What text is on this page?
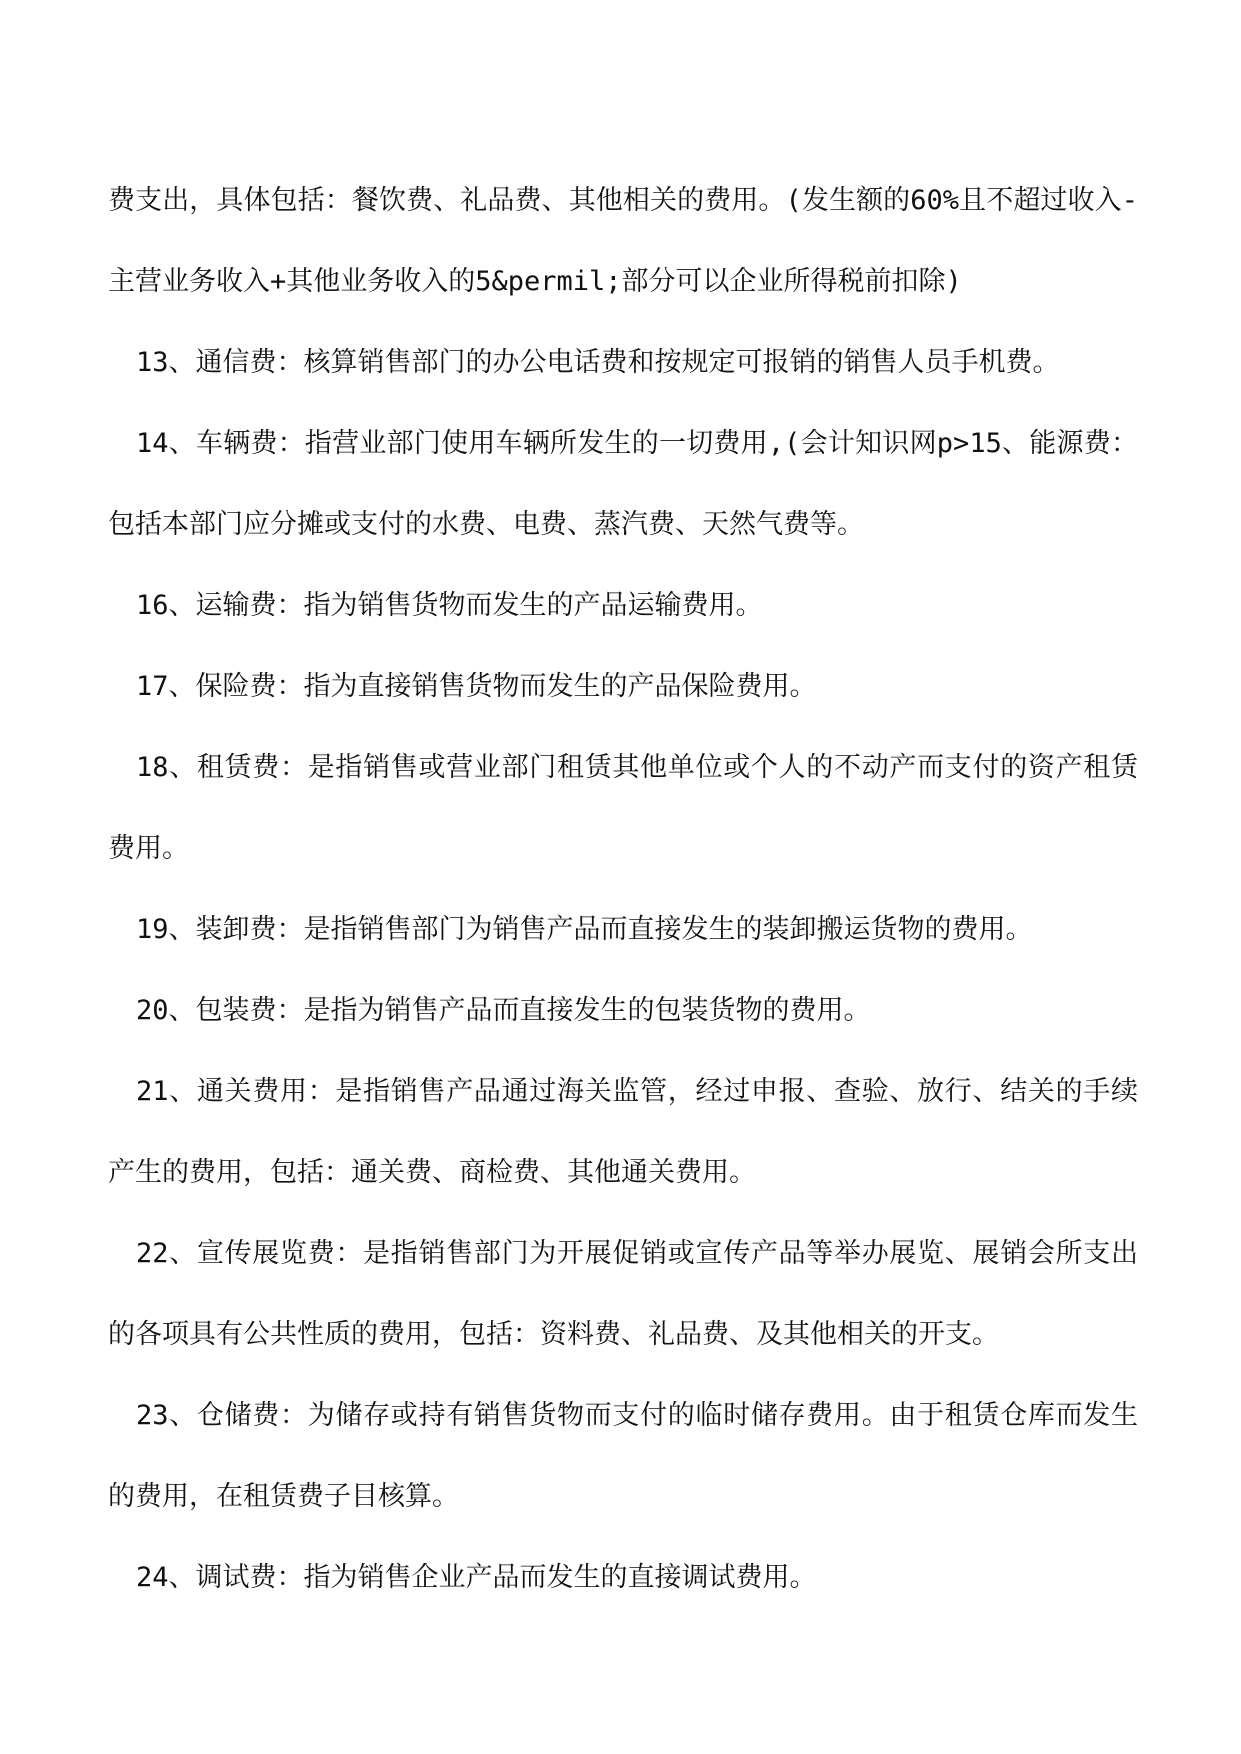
费支出，具体包括：餐饮费、礼品费、其他相关的费用。(发生额的60%且不超过收入-主营业务收入+其他业务收入的5&permil;部分可以企业所得税前扣除)

13、通信费：核算销售部门的办公电话费和按规定可报销的销售人员手机费。

14、车辆费：指营业部门使用车辆所发生的一切费用,(会计知识网p>15、能源费：包括本部门应分摊或支付的水费、电费、蒸汽费、天然气费等。

16、运输费：指为销售货物而发生的产品运输费用。

17、保险费：指为直接销售货物而发生的产品保险费用。

18、租赁费：是指销售或营业部门租赁其他单位或个人的不动产而支付的资产租赁费用。

19、装卸费：是指销售部门为销售产品而直接发生的装卸搬运货物的费用。

20、包装费：是指为销售产品而直接发生的包装货物的费用。

21、通关费用：是指销售产品通过海关监管，经过申报、查验、放行、结关的手续产生的费用，包括：通关费、商检费、其他通关费用。

22、宣传展览费：是指销售部门为开展促销或宣传产品等举办展览、展销会所支出的各项具有公共性质的费用，包括：资料费、礼品费、及其他相关的开支。

23、仓储费：为储存或持有销售货物而支付的临时储存费用。由于租赁仓库而发生的费用，在租赁费子目核算。

24、调试费：指为销售企业产品而发生的直接调试费用。
